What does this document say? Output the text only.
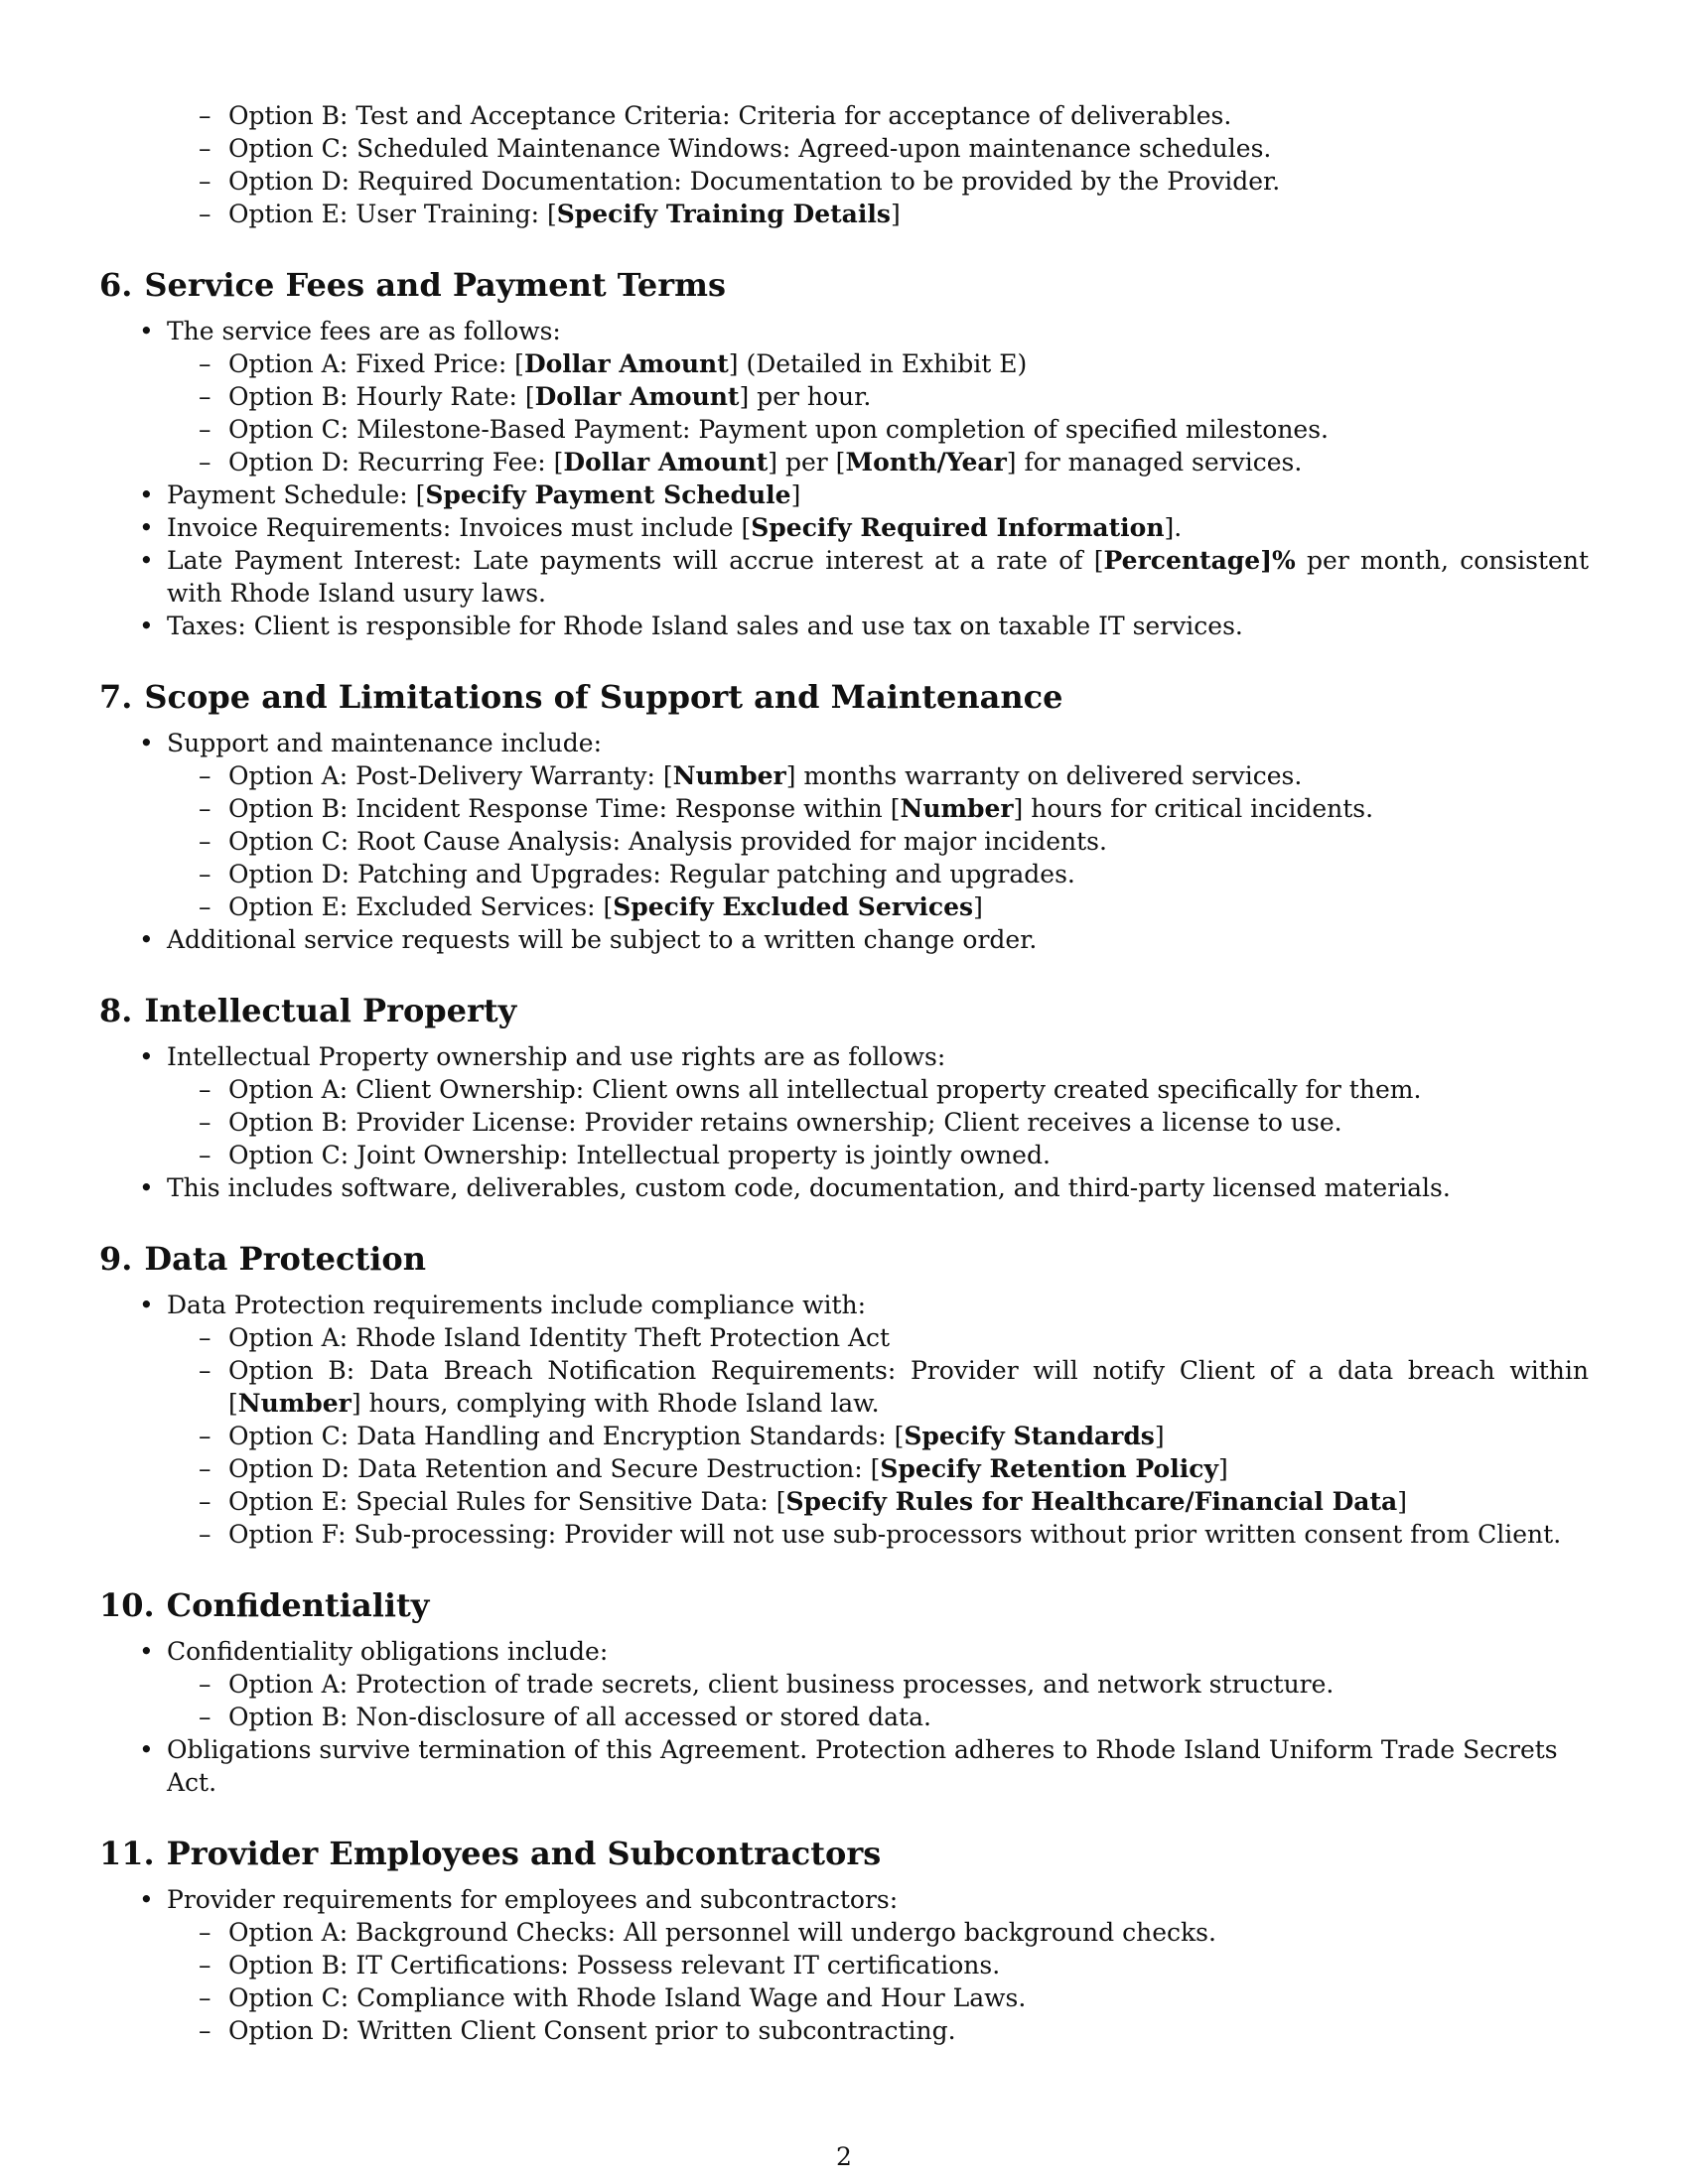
– Option B: Test and Acceptance Criteria: Criteria for acceptance of deliverables.
– Option C: Scheduled Maintenance Windows: Agreed-upon maintenance schedules.
– Option D: Required Documentation: Documentation to be provided by the Provider.
– Option E: User Training: [Specify Training Details]
6. Service Fees and Payment Terms
• The service fees are as follows:
– Option A: Fixed Price: [Dollar Amount] (Detailed in Exhibit E)
– Option B: Hourly Rate: [Dollar Amount] per hour.
– Option C: Milestone-Based Payment: Payment upon completion of specified milestones.
– Option D: Recurring Fee: [Dollar Amount] per [Month/Year] for managed services.
• Payment Schedule: [Specify Payment Schedule]
• Invoice Requirements: Invoices must include [Specify Required Information].
• Late Payment Interest: Late payments will accrue interest at a rate of [Percentage]% per month, consistent with Rhode Island usury laws.
• Taxes: Client is responsible for Rhode Island sales and use tax on taxable IT services.
7. Scope and Limitations of Support and Maintenance
• Support and maintenance include:
– Option A: Post-Delivery Warranty: [Number] months warranty on delivered services.
– Option B: Incident Response Time: Response within [Number] hours for critical incidents.
– Option C: Root Cause Analysis: Analysis provided for major incidents.
– Option D: Patching and Upgrades: Regular patching and upgrades.
– Option E: Excluded Services: [Specify Excluded Services]
• Additional service requests will be subject to a written change order.
8. Intellectual Property
• Intellectual Property ownership and use rights are as follows:
– Option A: Client Ownership: Client owns all intellectual property created specifically for them.
– Option B: Provider License: Provider retains ownership; Client receives a license to use.
– Option C: Joint Ownership: Intellectual property is jointly owned.
• This includes software, deliverables, custom code, documentation, and third-party licensed materials.
9. Data Protection
• Data Protection requirements include compliance with:
– Option A: Rhode Island Identity Theft Protection Act
– Option B: Data Breach Notification Requirements: Provider will notify Client of a data breach within [Number] hours, complying with Rhode Island law.
– Option C: Data Handling and Encryption Standards: [Specify Standards]
– Option D: Data Retention and Secure Destruction: [Specify Retention Policy]
– Option E: Special Rules for Sensitive Data: [Specify Rules for Healthcare/Financial Data]
– Option F: Sub-processing: Provider will not use sub-processors without prior written consent from Client.
10. Confidentiality
• Confidentiality obligations include:
– Option A: Protection of trade secrets, client business processes, and network structure.
– Option B: Non-disclosure of all accessed or stored data.
• Obligations survive termination of this Agreement. Protection adheres to Rhode Island Uniform Trade Secrets Act.
11. Provider Employees and Subcontractors
• Provider requirements for employees and subcontractors:
– Option A: Background Checks: All personnel will undergo background checks.
– Option B: IT Certifications: Possess relevant IT certifications.
– Option C: Compliance with Rhode Island Wage and Hour Laws.
– Option D: Written Client Consent prior to subcontracting.
2
